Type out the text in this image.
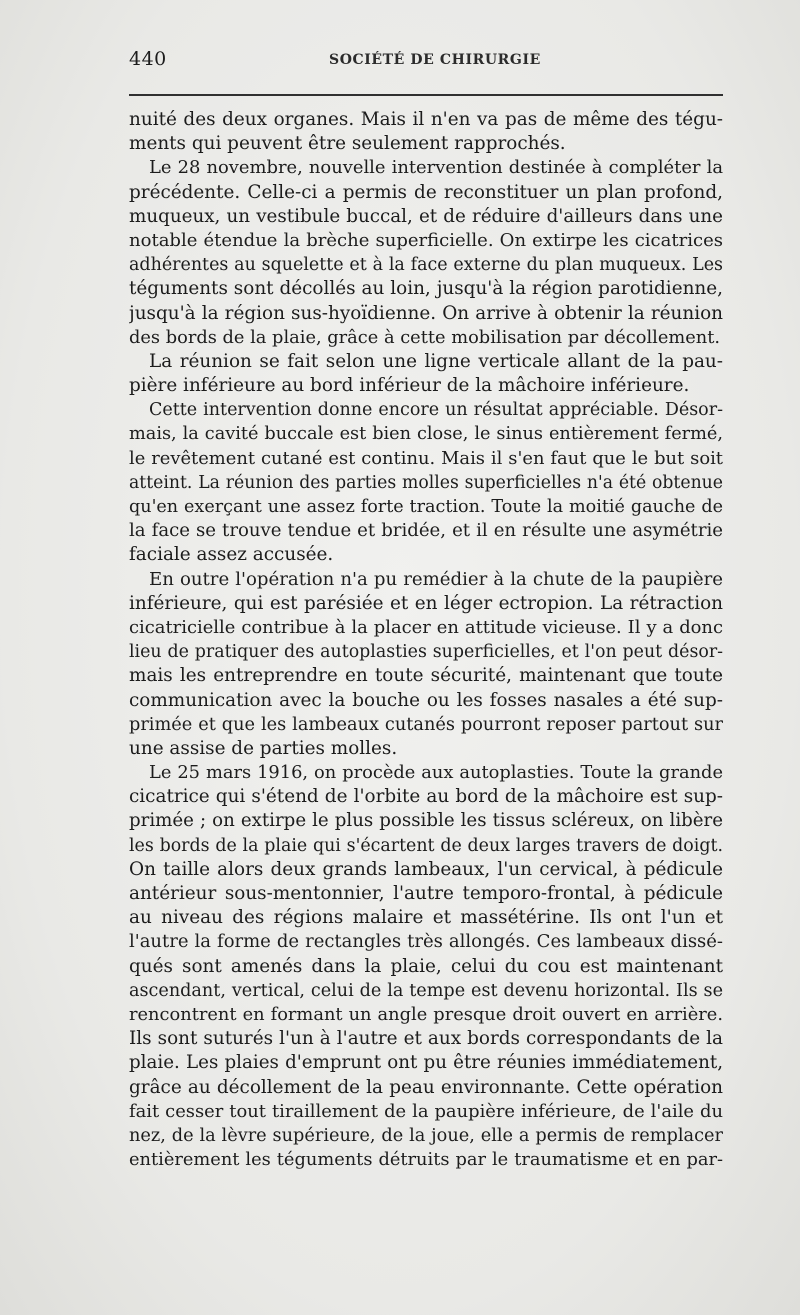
440	SOCIÉTÉ DE CHIRURGIE
nuité des deux organes. Mais il n'en va pas de même des tégu-
ments qui peuvent être seulement rapprochés.
Le 28 novembre, nouvelle intervention destinée à compléter la
précédente. Celle-ci a permis de reconstituer un plan profond,
muqueux, un vestibule buccal, et de réduire d'ailleurs dans une
notable étendue la brèche superficielle. On extirpe les cicatrices
adhérentes au squelette et à la face externe du plan muqueux. Les
téguments sont décollés au loin, jusqu'à la région parotidienne,
jusqu'à la région sus-hyoïdienne. On arrive à obtenir la réunion
des bords de la plaie, grâce à cette mobilisation par décollement.
La réunion se fait selon une ligne verticale allant de la pau-
pière inférieure au bord inférieur de la mâchoire inférieure.
Cette intervention donne encore un résultat appréciable. Désor-
mais, la cavité buccale est bien close, le sinus entièrement fermé,
le revêtement cutané est continu. Mais il s'en faut que le but soit
atteint. La réunion des parties molles superficielles n'a été obtenue
qu'en exerçant une assez forte traction. Toute la moitié gauche de
la face se trouve tendue et bridée, et il en résulte une asymétrie
faciale assez accusée.
En outre l'opération n'a pu remédier à la chute de la paupière
inférieure, qui est parésiée et en léger ectropion. La rétraction
cicatricielle contribue à la placer en attitude vicieuse. Il y a donc
lieu de pratiquer des autoplasties superficielles, et l'on peut désor-
mais les entreprendre en toute sécurité, maintenant que toute
communication avec la bouche ou les fosses nasales a été sup-
primée et que les lambeaux cutanés pourront reposer partout sur
une assise de parties molles.
Le 25 mars 1916, on procède aux autoplasties. Toute la grande
cicatrice qui s'étend de l'orbite au bord de la mâchoire est sup-
primée ; on extirpe le plus possible les tissus scléreux, on libère
les bords de la plaie qui s'écartent de deux larges travers de doigt.
On taille alors deux grands lambeaux, l'un cervical, à pédicule
antérieur sous-mentonnier, l'autre temporo-frontal, à pédicule
au niveau des régions malaire et massétérine. Ils ont l'un et
l'autre la forme de rectangles très allongés. Ces lambeaux dissé-
qués sont amenés dans la plaie, celui du cou est maintenant
ascendant, vertical, celui de la tempe est devenu horizontal. Ils se
rencontrent en formant un angle presque droit ouvert en arrière.
Ils sont suturés l'un à l'autre et aux bords correspondants de la
plaie. Les plaies d'emprunt ont pu être réunies immédiatement,
grâce au décollement de la peau environnante. Cette opération
fait cesser tout tiraillement de la paupière inférieure, de l'aile du
nez, de la lèvre supérieure, de la joue, elle a permis de remplacer
entièrement les téguments détruits par le traumatisme et en par-
